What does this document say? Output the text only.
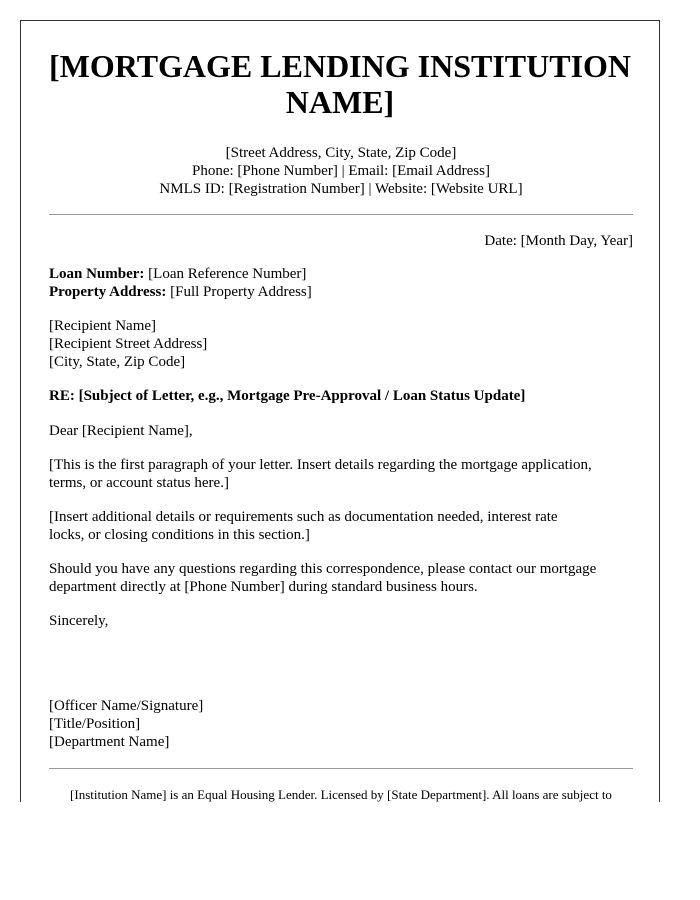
[MORTGAGE LENDING INSTITUTION NAME]
[Street Address, City, State, Zip Code]
Phone: [Phone Number] | Email: [Email Address]
NMLS ID: [Registration Number] | Website: [Website URL]
Date: [Month Day, Year]
Loan Number: [Loan Reference Number]
Property Address: [Full Property Address]
[Recipient Name]
[Recipient Street Address]
[City, State, Zip Code]
RE: [Subject of Letter, e.g., Mortgage Pre-Approval / Loan Status Update]
Dear [Recipient Name],
[This is the first paragraph of your letter. Insert details regarding the mortgage application,
terms, or account status here.]
[Insert additional details or requirements such as documentation needed, interest rate
locks, or closing conditions in this section.]
Should you have any questions regarding this correspondence, please contact our mortgage
department directly at [Phone Number] during standard business hours.
Sincerely,
[Officer Name/Signature]
[Title/Position]
[Department Name]
[Institution Name] is an Equal Housing Lender. Licensed by [State Department]. All loans are subject to
